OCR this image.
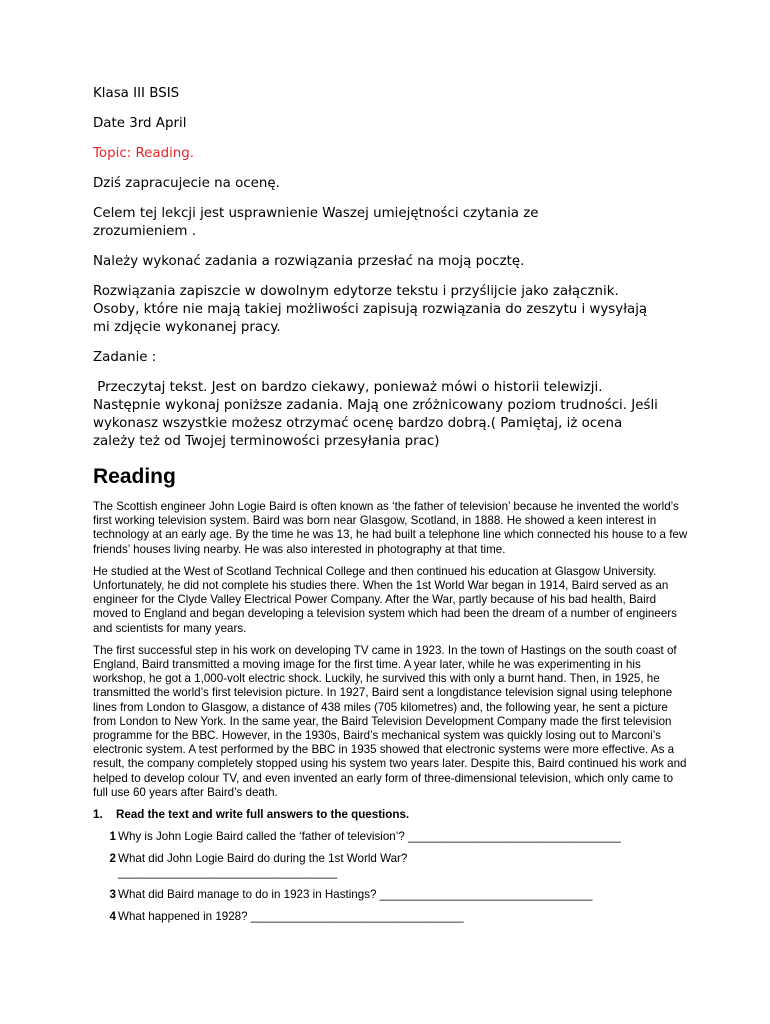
Klasa III BSIS

Date 3rd April

Topic: Reading.

Dziś zapracujecie na ocenę.

Celem tej lekcji jest usprawnienie Waszej umiejętności czytania ze zrozumieniem .

Należy wykonać zadania a rozwiązania przesłać na moją pocztę.

Rozwiązania zapiszcie w dowolnym edytorze tekstu i przyślijcie jako załącznik. Osoby, które nie mają takiej możliwości zapisują rozwiązania do zeszytu i wysyłają mi zdjęcie wykonanej pracy.

Zadanie :

Przeczytaj tekst. Jest on bardzo ciekawy, ponieważ mówi o historii telewizji. Następnie wykonaj poniższe zadania. Mają one zróżnicowany poziom trudności. Jeśli wykonasz wszystkie możesz otrzymać ocenę bardzo dobrą.( Pamiętaj, iż ocena zależy też od Twojej terminowości przesyłania prac)

Reading

The Scottish engineer John Logie Baird is often known as ‘the father of television’ because he invented the world’s first working television system. Baird was born near Glasgow, Scotland, in 1888. He showed a keen interest in technology at an early age. By the time he was 13, he had built a telephone line which connected his house to a few friends’ houses living nearby. He was also interested in photography at that time.

He studied at the West of Scotland Technical College and then continued his education at Glasgow University. Unfortunately, he did not complete his studies there. When the 1st World War began in 1914, Baird served as an engineer for the Clyde Valley Electrical Power Company. After the War, partly because of his bad health, Baird moved to England and began developing a television system which had been the dream of a number of engineers and scientists for many years.

The first successful step in his work on developing TV came in 1923. In the town of Hastings on the south coast of England, Baird transmitted a moving image for the first time. A year later, while he was experimenting in his workshop, he got a 1,000-volt electric shock. Luckily, he survived this with only a burnt hand. Then, in 1925, he transmitted the world’s first television picture. In 1927, Baird sent a longdistance television signal using telephone lines from London to Glasgow, a distance of 438 miles (705 kilometres) and, the following year, he sent a picture from London to New York. In the same year, the Baird Television Development Company made the first television programme for the BBC. However, in the 1930s, Baird’s mechanical system was quickly losing out to Marconi’s electronic system. A test performed by the BBC in 1935 showed that electronic systems were more effective. As a result, the company completely stopped using his system two years later. Despite this, Baird continued his work and helped to develop colour TV, and even invented an early form of three-dimensional television, which only came to full use 60 years after Baird’s death.

1.	Read the text and write full answers to the questions.
1 Why is John Logie Baird called the ‘father of television’? _________________________________
2 What did John Logie Baird do during the 1st World War? __________________________________
3 What did Baird manage to do in 1923 in Hastings? _________________________________
4 What happened in 1928? _________________________________
